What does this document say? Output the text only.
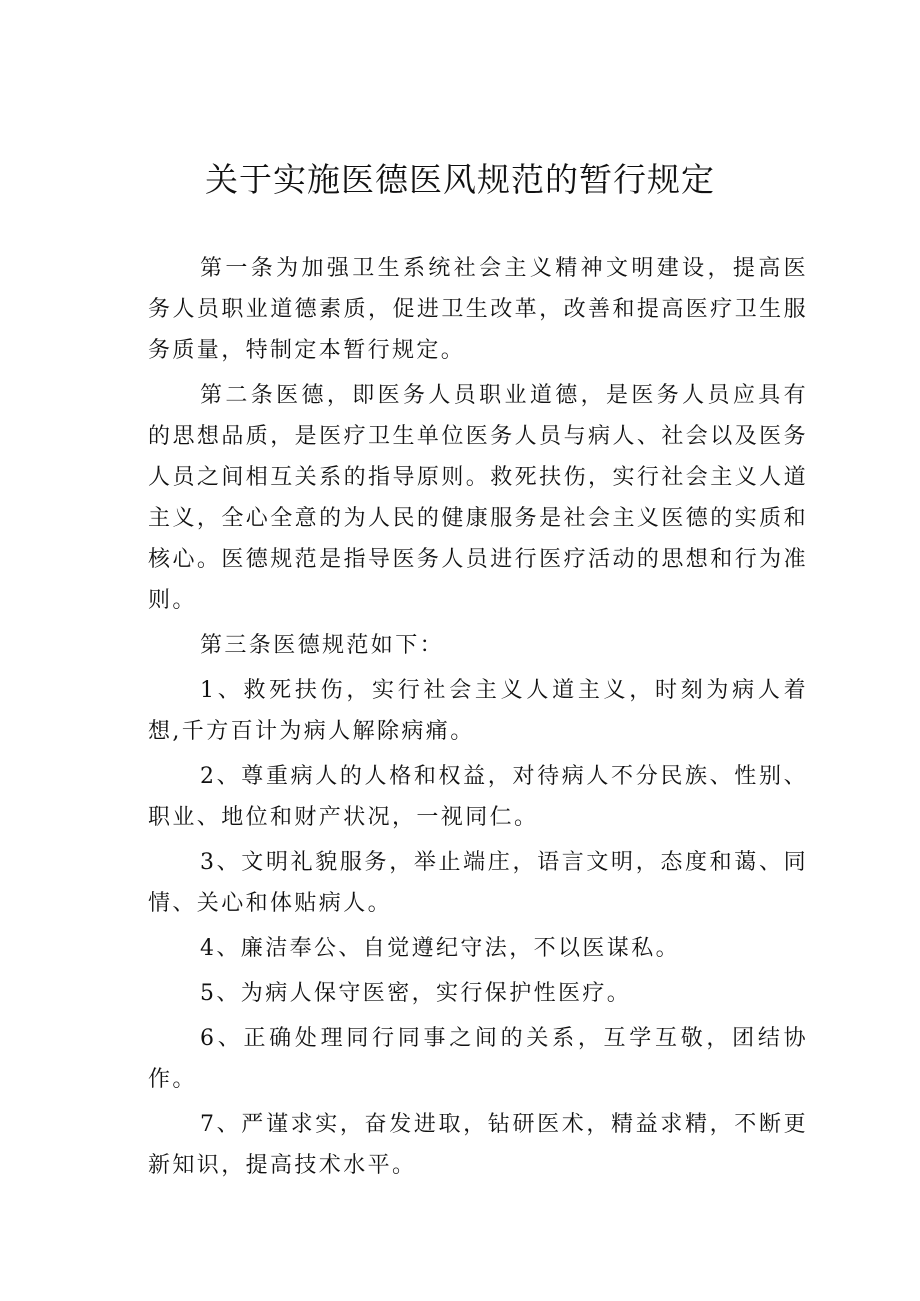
关于实施医德医风规范的暂行规定

第一条为加强卫生系统社会主义精神文明建设，提高医务人员职业道德素质，促进卫生改革，改善和提高医疗卫生服务质量，特制定本暂行规定。

第二条医德，即医务人员职业道德，是医务人员应具有的思想品质，是医疗卫生单位医务人员与病人、社会以及医务人员之间相互关系的指导原则。救死扶伤，实行社会主义人道主义，全心全意的为人民的健康服务是社会主义医德的实质和核心。医德规范是指导医务人员进行医疗活动的思想和行为准则。

第三条医德规范如下：

1、救死扶伤，实行社会主义人道主义，时刻为病人着想,千方百计为病人解除病痛。

2、尊重病人的人格和权益，对待病人不分民族、性别、职业、地位和财产状况，一视同仁。

3、文明礼貌服务，举止端庄，语言文明，态度和蔼、同情、关心和体贴病人。

4、廉洁奉公、自觉遵纪守法，不以医谋私。

5、为病人保守医密，实行保护性医疗。

6、正确处理同行同事之间的关系，互学互敬，团结协作。

7、严谨求实，奋发进取，钻研医术，精益求精，不断更新知识，提高技术水平。
